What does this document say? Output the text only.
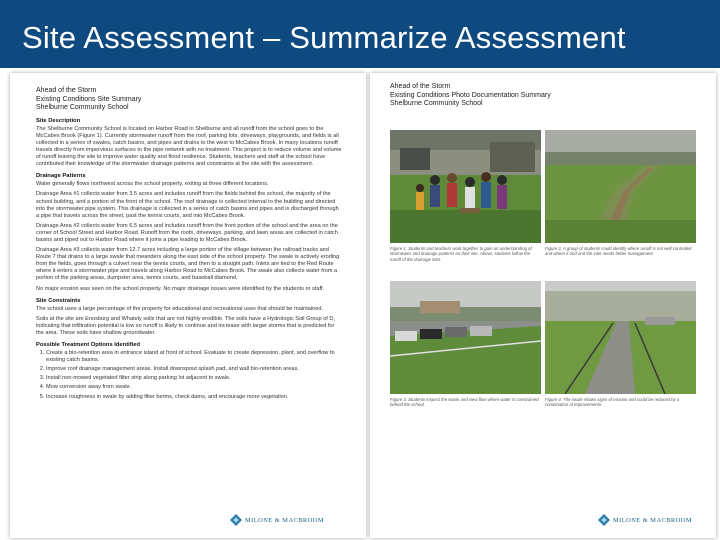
Site Assessment – Summarize Assessment
Ahead of the Storm
Existing Conditions Site Summary
Shelburne Community School
Site Description

The Shelburne Community School is located on Harbor Road in Shelburne and all runoff from the school goes to the McCabes Brook (Figure 1). Currently stormwater runoff from the roof, parking lots, driveways, playgrounds, and fields is all collected in a series of swales, catch basins, and pipes and drains to the west to McCabes Brook. In many locations runoff travels directly from impervious surfaces to the pipe network with no treatment. This project is to reduce volume and volume of runoff leaving the site to improve water quality and flood resilience. Students, teachers and staff at the school have contributed their knowledge of the stormwater drainage patterns and constraints at the site with the assessment.

Drainage Patterns

Water generally flows northwest across the school property, exiting at three different locations.

Drainage Area #1 collects water from 3.5 acres and includes runoff from the fields behind the school, the majority of the school building, and a portion of the front of the school. The roof drainage is collected internal to the building and directed into the stormwater pipe system. This drainage is collected in a series of catch basins and pipes and is discharged through a pipe that travels across the street, past the tennis courts, and into McCabes Brook.

Drainage Area #2 collects water from 6.5 acres and includes runoff from the front portion of the school and the area on the corner of School Street and Harbor Road. Runoff from the roofs, driveways, parking, and lawn areas are collected in catch basins and piped out to Harbor Road where it joins a pipe leading to McCabes Brook.

Drainage Area #3 collects water from 12.7 acres including a large portion of the village between the railroad tracks and Route 7 that drains to a large swale that meanders along the east side of the school property. The swale is actively eroding from the fields, goes through a culvert near the tennis courts, and then to a straight path. Inlets are tied to the Red Route where it enters a stormwater pipe and travels along Harbor Road to McCabes Brook. The swale also collects water from a portion of the parking areas, dumpster area, tennis courts, and baseball diamond.

No major erosion was seen on the school property. No major drainage issues were identified by the students or staff.

Site Constraints

The school uses a large percentage of the property for educational and recreational uses that should be maintained.

Soils at the site are Enosburg and Whately soils that are not highly erodible. The soils have a Hydrologic Soil Group of D, indicating that infiltration potential is low so runoff is likely to continue and increase with larger storms that is predicted for the area. These soils have shallow groundwater.

Possible Treatment Options Identified
1. Create a bio-retention area in entrance island at front of school. Evaluate to create depression, plant, and overflow to existing catch basins.
2. Improve roof drainage management areas. Install downspout splash pad, and wall bio-retention areas.
3. Install non-mowed vegetated filter strip along parking lot adjacent to swale.
4. Mow conversion away from swale.
5. Increase roughness in swale by adding filter berms, check dams, and encourage more vegetation.
MILONE & MACBROOM
Ahead of the Storm
Existing Conditions Photo Documentation Summary
Shelburne Community School
Figure 1. Students and teachers work together to gain an understanding of stormwater and drainage patterns on their site. Above, students follow the runoff of the drainage inlet.
Figure 2. A group of students could identify where runoff is not well controlled and where it and and the inlet needs better management.
Figure 3. Students inspect the swale and view flow where water is constrained behind the school.
Figure 4. The swale shows signs of erosion and could be reduced by a combination of improvements.
MILONE & MACBROOM
